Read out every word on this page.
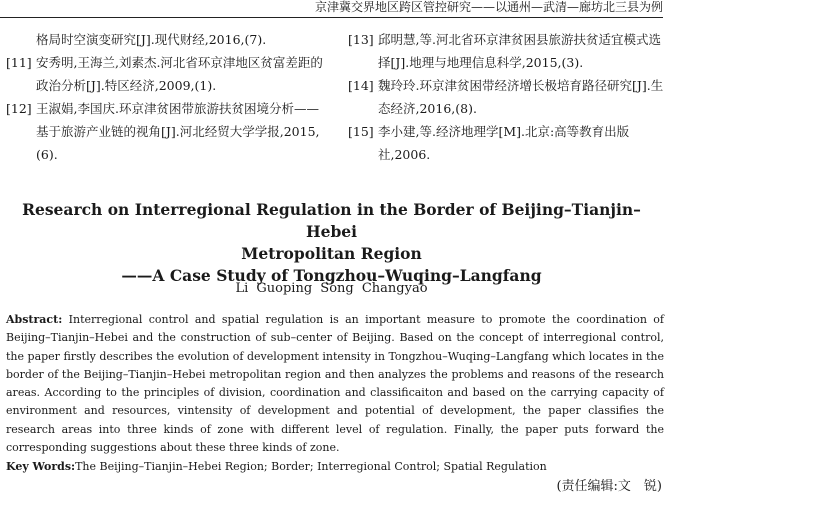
京津冀交界地区跨区管控研究——以通州—武清—廊坊北三县为例
格局时空演变研究[J].现代财经,2016,(7).
[11] 安秀明,王海兰,刘素杰.河北省环京津地区贫富差距的政治分析[J].特区经济,2009,(1).
[12] 王淑娟,李国庆.环京津贫困带旅游扶贫困境分析——基于旅游产业链的视角[J].河北经贸大学学报,2015,(6).
[13] 邱明慧,等.河北省环京津贫困县旅游扶贫适宜模式选择[J].地理与地理信息科学,2015,(3).
[14] 魏玲玲.环京津贫困带经济增长极培育路径研究[J].生态经济,2016,(8).
[15] 李小建,等.经济地理学[M].北京:高等教育出版社,2006.
Research on Interregional Regulation in the Border of Beijing–Tianjin–Hebei
Metropolitan Region
——A Case Study of Tongzhou–Wuqing–Langfang
Li Guoping Song Changyao
Abstract: Interregional control and spatial regulation is an important measure to promote the coordination of Beijing–Tianjin–Hebei and the construction of sub–center of Beijing. Based on the concept of interregional control, the paper firstly describes the evolution of development intensity in Tongzhou–Wuqing–Langfang which locates in the border of the Beijing–Tianjin–Hebei metropolitan region and then analyzes the problems and reasons of the research areas. According to the principles of division, coordination and classificaiton and based on the carrying capacity of environment and resources, vintensity of development and potential of development, the paper classifies the research areas into three kinds of zone with different level of regulation. Finally, the paper puts forward the corresponding suggestions about these three kinds of zone.
Key Words:The Beijing–Tianjin–Hebei Region; Border; Interregional Control; Spatial Regulation
(责任编辑:文　锐)
